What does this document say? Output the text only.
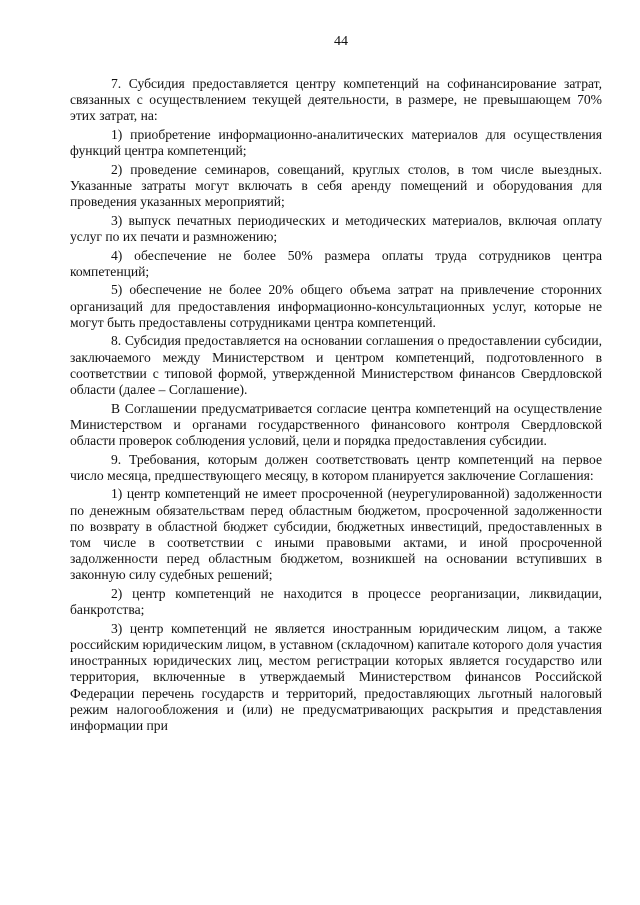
44

7. Субсидия предоставляется центру компетенций на софинансирование затрат, связанных с осуществлением текущей деятельности, в размере, не превышающем 70% этих затрат, на:

1) приобретение информационно-аналитических материалов для осуществления функций центра компетенций;

2) проведение семинаров, совещаний, круглых столов, в том числе выездных. Указанные затраты могут включать в себя аренду помещений и оборудования для проведения указанных мероприятий;

3) выпуск печатных периодических и методических материалов, включая оплату услуг по их печати и размножению;

4) обеспечение не более 50% размера оплаты труда сотрудников центра компетенций;

5) обеспечение не более 20% общего объема затрат на привлечение сторонних организаций для предоставления информационно-консультационных услуг, которые не могут быть предоставлены сотрудниками центра компетенций.

8. Субсидия предоставляется на основании соглашения о предоставлении субсидии, заключаемого между Министерством и центром компетенций, подготовленного в соответствии с типовой формой, утвержденной Министерством финансов Свердловской области (далее – Соглашение).

В Соглашении предусматривается согласие центра компетенций на осуществление Министерством и органами государственного финансового контроля Свердловской области проверок соблюдения условий, цели и порядка предоставления субсидии.

9. Требования, которым должен соответствовать центр компетенций на первое число месяца, предшествующего месяцу, в котором планируется заключение Соглашения:

1) центр компетенций не имеет просроченной (неурегулированной) задолженности по денежным обязательствам перед областным бюджетом, просроченной задолженности по возврату в областной бюджет субсидии, бюджетных инвестиций, предоставленных в том числе в соответствии с иными правовыми актами, и иной просроченной задолженности перед областным бюджетом, возникшей на основании вступивших в законную силу судебных решений;

2) центр компетенций не находится в процессе реорганизации, ликвидации, банкротства;

3) центр компетенций не является иностранным юридическим лицом, а также российским юридическим лицом, в уставном (складочном) капитале которого доля участия иностранных юридических лиц, местом регистрации которых является государство или территория, включенные в утверждаемый Министерством финансов Российской Федерации перечень государств и территорий, предоставляющих льготный налоговый режим налогообложения и (или) не предусматривающих раскрытия и представления информации при
